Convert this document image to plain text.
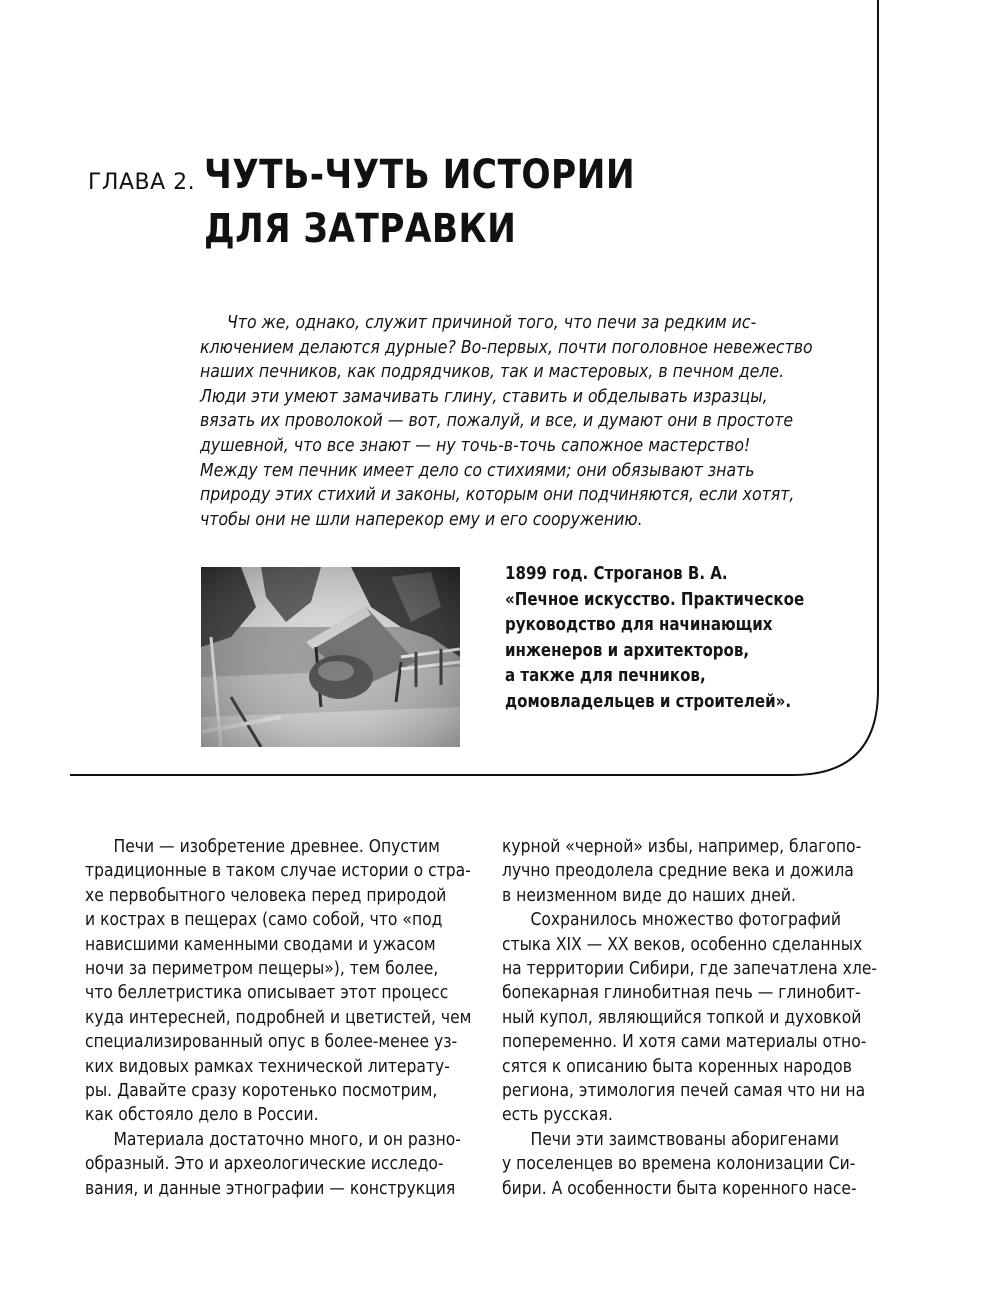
ГЛАВА 2. ЧУТЬ-ЧУТЬ ИСТОРИИ
ДЛЯ ЗАТРАВКИ
Что же, однако, служит причиной того, что печи за редким ис-
ключением делаются дурные? Во-первых, почти поголовное невежество
наших печников, как подрядчиков, так и мастеровых, в печном деле.
Люди эти умеют замачивать глину, ставить и обделывать изразцы,
вязать их проволокой — вот, пожалуй, и все, и думают они в простоте
душевной, что все знают — ну точь-в-точь сапожное мастерство!
Между тем печник имеет дело со стихиями; они обязывают знать
природу этих стихий и законы, которым они подчиняются, если хотят,
чтобы они не шли наперекор ему и его сооружению.
1899 год. Строганов В. А.
«Печное искусство. Практическое
руководство для начинающих
инженеров и архитекторов,
а также для печников,
домовладельцев и строителей».
Печи — изобретение древнее. Опустим
традиционные в таком случае истории о стра-
хе первобытного человека перед природой
и кострах в пещерах (само собой, что «под
нависшими каменными сводами и ужасом
ночи за периметром пещеры»), тем более,
что беллетристика описывает этот процесс
куда интересней, подробней и цветистей, чем
специализированный опус в более-менее уз-
ких видовых рамках технической литерату-
ры. Давайте сразу коротенько посмотрим,
как обстояло дело в России.
Материала достаточно много, и он разно-
образный. Это и археологические исследо-
вания, и данные этнографии — конструкция
курной «черной» избы, например, благопо-
лучно преодолела средние века и дожила
в неизменном виде до наших дней.
Сохранилось множество фотографий
стыка XIX — XX веков, особенно сделанных
на территории Сибири, где запечатлена хле-
бопекарная глинобитная печь — глинобит-
ный купол, являющийся топкой и духовкой
попеременно. И хотя сами материалы отно-
сятся к описанию быта коренных народов
региона, этимология печей самая что ни на
есть русская.
Печи эти заимствованы аборигенами
у поселенцев во времена колонизации Си-
бири. А особенности быта коренного насе-
